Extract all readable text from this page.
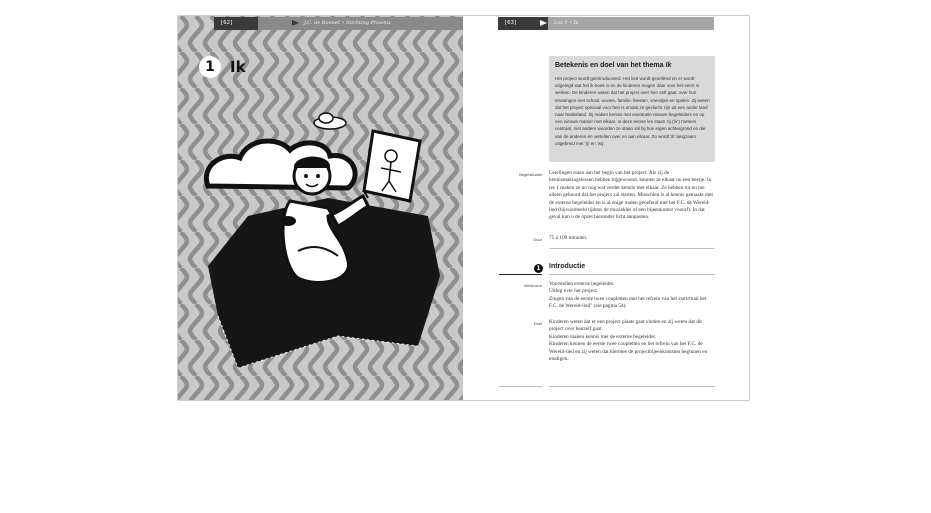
[62]	J.C. de Bonnet • Stichting Phoenix
1	Ik
[63]	Les 1 • Ik
Betekenis en doel van het thema Ik

Het project wordt geïntroduceerd. Het lied wordt geoefend en er wordt uitgelegd wat het ik-boek is en de kinderen mogen daar voor het eerst in werken. De kinderen weten dat het project over hen zelf gaat, over hun ervaringen met school, wonen, familie, feesten, vriendjes en spelen. Zij weten dat het project speciaal voor hen is omdat ze gevlucht zijn uit een ander land naar Nederland. Zij maken kennis met eventuele nieuwe begeleiders en op een nieuwe manier met elkaar. In deze eerste les staan zij ('ik') meteen centraal, met andere woorden ze staan stil bij hun eigen achtergrond en die van de anderen en vertellen over en aan elkaar. Zo wordt 'ik' langzaam uitgebreid met 'jij' en 'wij'.

Beginsituatie Leerlingen staan aan het begin van het project. Als zij de kennismakingslessen hebben bijgewoond, kennen ze elkaar nu een beetje. In les 1 maken ze nu nog wat verder kennis met elkaar. Ze hebben tot nu toe alleen gehoord dat het project zal starten. Misschien is al kennis gemaakt met de externe begeleider en is al enige malen geoefend met het F.C. de Wereld-lied (bijvoorbeeld tijdens de muziekles of een bijeenkomst vooraf). In dat geval kun u de opzet hieronder licht aanpassen.

Duur 75 à 100 minuten.
1	Introductie
Werkvorm Voorstellen externe begeleider.

Uitleg over het project.

Zingen van de eerste twee coupletten met het refrein van het startritual het F.C. de Wereld-lied" (zie pagina 54).

Doel Kinderen weten dat er een project plaats gaat vinden en zij weten dat dit project over henzelf gaat.

Kinderen maken kennis met de externe begeleider.

Kinderen kennen de eerste twee coupletten en het refrein van het F.C. de Wereld-lied en zij weten dat hiermee de projectbijeenkomsten beginnen en eindigen.
